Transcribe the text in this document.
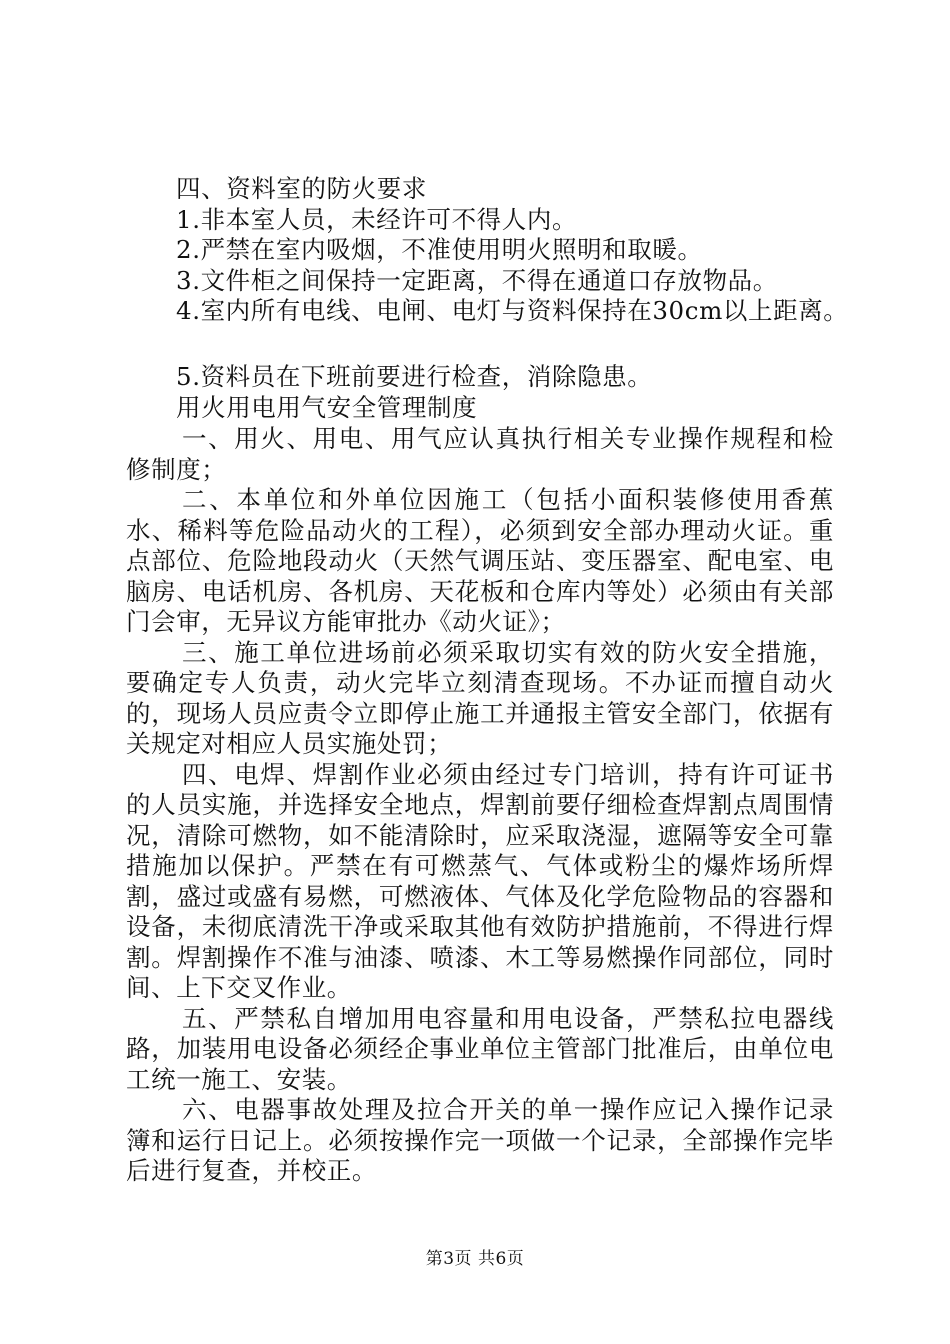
四、资料室的防火要求
1.非本室人员，未经许可不得人内。
2.严禁在室内吸烟，不准使用明火照明和取暖。
3.文件柜之间保持一定距离，不得在通道口存放物品。
4.室内所有电线、电闸、电灯与资料保持在30cm以上距离。
5.资料员在下班前要进行检查，消除隐患。
用火用电用气安全管理制度

一、用火、用电、用气应认真执行相关专业操作规程和检修制度；

二、本单位和外单位因施工（包括小面积装修使用香蕉水、稀料等危险品动火的工程），必须到安全部办理动火证。重点部位、危险地段动火（天然气调压站、变压器室、配电室、电脑房、电话机房、各机房、天花板和仓库内等处）必须由有关部门会审，无异议方能审批办《动火证》；

三、施工单位进场前必须采取切实有效的防火安全措施，要确定专人负责，动火完毕立刻清查现场。不办证而擅自动火的，现场人员应责令立即停止施工并通报主管安全部门，依据有关规定对相应人员实施处罚；

四、电焊、焊割作业必须由经过专门培训，持有许可证书的人员实施，并选择安全地点，焊割前要仔细检查焊割点周围情况，清除可燃物，如不能清除时，应采取浇湿，遮隔等安全可靠措施加以保护。严禁在有可燃蒸气、气体或粉尘的爆炸场所焊割，盛过或盛有易燃，可燃液体、气体及化学危险物品的容器和设备，未彻底清洗干净或采取其他有效防护措施前，不得进行焊割。焊割操作不准与油漆、喷漆、木工等易燃操作同部位，同时间、上下交叉作业。

五、严禁私自增加用电容量和用电设备，严禁私拉电器线路，加装用电设备必须经企事业单位主管部门批准后，由单位电工统一施工、安装。

六、电器事故处理及拉合开关的单一操作应记入操作记录簿和运行日记上。必须按操作完一项做一个记录，全部操作完毕后进行复查，并校正。

第3页 共6页
